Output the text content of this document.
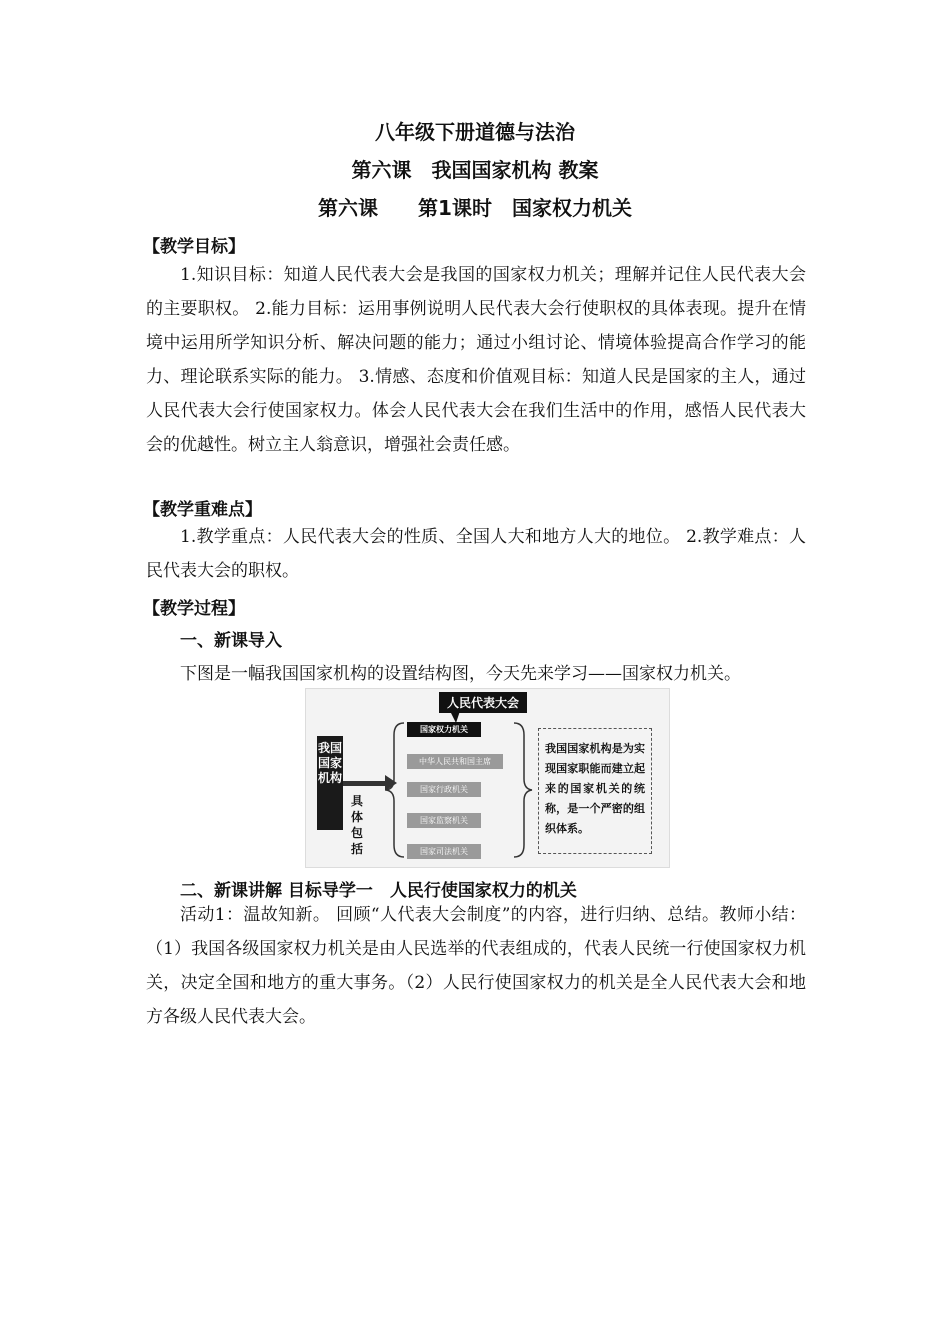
八年级下册道德与法治
第六课　我国国家机构 教案
第六课　　第1课时　国家权力机关
【教学目标】

1.知识目标：知道人民代表大会是我国的国家权力机关；理解并记住人民代表大会的主要职权。 2.能力目标：运用事例说明人民代表大会行使职权的具体表现。提升在情境中运用所学知识分析、解决问题的能力；通过小组讨论、情境体验提高合作学习的能力、理论联系实际的能力。 3.情感、态度和价值观目标：知道人民是国家的主人，通过人民代表大会行使国家权力。体会人民代表大会在我们生活中的作用，感悟人民代表大会的优越性。树立主人翁意识，增强社会责任感。

【教学重难点】

1.教学重点：人民代表大会的性质、全国人大和地方人大的地位。 2.教学难点：人民代表大会的职权。

【教学过程】
一、新课导入
下图是一幅我国国家机构的设置结构图，今天先来学习——国家权力机关。
我国国家机构
具体包括
人民代表大会
国家权力机关
中华人民共和国主席
国家行政机关
国家监察机关
国家司法机关
我国国家机构是为实现国家职能而建立起来的国家机关的统称，是一个严密的组织体系。
二、新课讲解 目标导学一　人民行使国家权力的机关

活动1：温故知新。 回顾“人代表大会制度”的内容，进行归纳、总结。教师小结：（1）我国各级国家权力机关是由人民选举的代表组成的，代表人民统一行使国家权力机关，决定全国和地方的重大事务。（2）人民行使国家权力的机关是全人民代表大会和地方各级人民代表大会。
